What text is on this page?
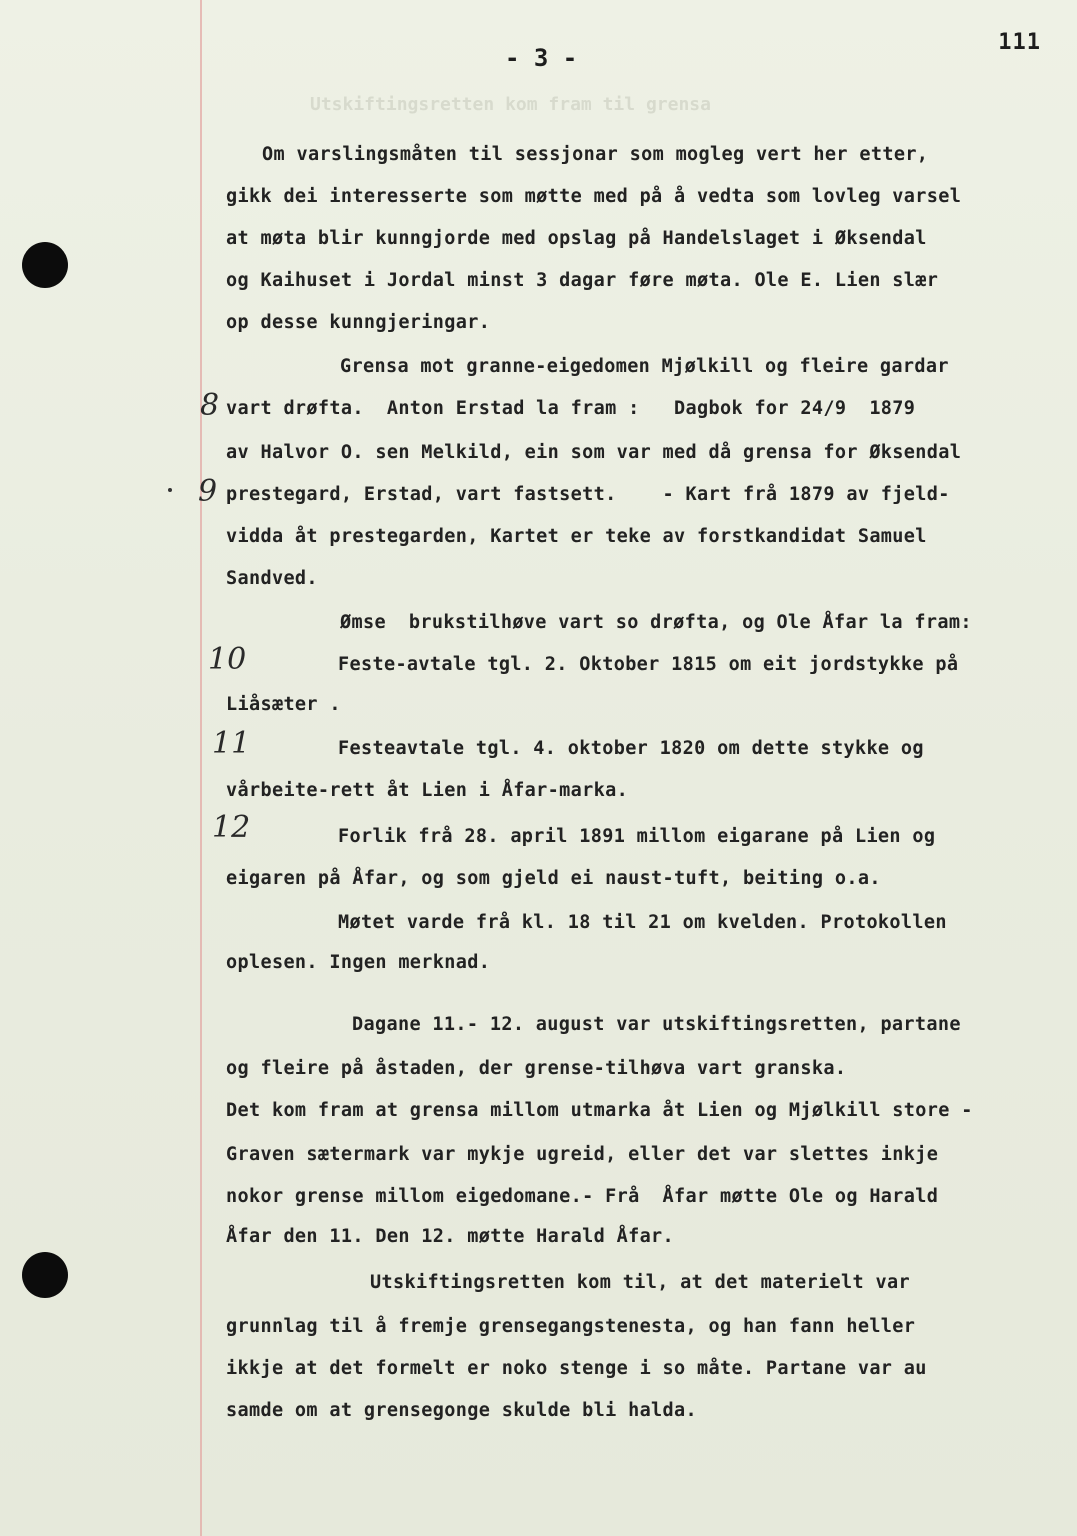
111
- 3 -
Utskiftingsretten kom fram til grensa
8
9
10
11
12
Om varslingsmåten til sessjonar som mogleg vert her etter,
gikk dei interesserte som møtte med på å vedta som lovleg varsel
at møta blir kunngjorde med opslag på Handelslaget i Øksendal
og Kaihuset i Jordal minst 3 dagar føre møta. Ole E. Lien slær
op desse kunngjeringar.
Grensa mot granne-eigedomen Mjølkill og fleire gardar
vart drøfta.  Anton Erstad la fram :   Dagbok for 24/9  1879
av Halvor O. sen Melkild, ein som var med då grensa for Øksendal
prestegard, Erstad, vart fastsett.    - Kart frå 1879 av fjeld-
vidda åt prestegarden, Kartet er teke av forstkandidat Samuel
Sandved.
Ømse  brukstilhøve vart so drøfta, og Ole Åfar la fram:
Feste-avtale tgl. 2. Oktober 1815 om eit jordstykke på
Liåsæter .
Festeavtale tgl. 4. oktober 1820 om dette stykke og
vårbeite-rett åt Lien i Åfar-marka.
Forlik frå 28. april 1891 millom eigarane på Lien og
eigaren på Åfar, og som gjeld ei naust-tuft, beiting o.a.
Møtet varde frå kl. 18 til 21 om kvelden. Protokollen
oplesen. Ingen merknad.
Dagane 11.- 12. august var utskiftingsretten, partane
og fleire på åstaden, der grense-tilhøva vart granska.
Det kom fram at grensa millom utmarka åt Lien og Mjølkill store -
Graven sætermark var mykje ugreid, eller det var slettes inkje
nokor grense millom eigedomane.- Frå  Åfar møtte Ole og Harald
Åfar den 11. Den 12. møtte Harald Åfar.
Utskiftingsretten kom til, at det materielt var
grunnlag til å fremje grensegangstenesta, og han fann heller
ikkje at det formelt er noko stenge i so måte. Partane var au
samde om at grensegonge skulde bli halda.
